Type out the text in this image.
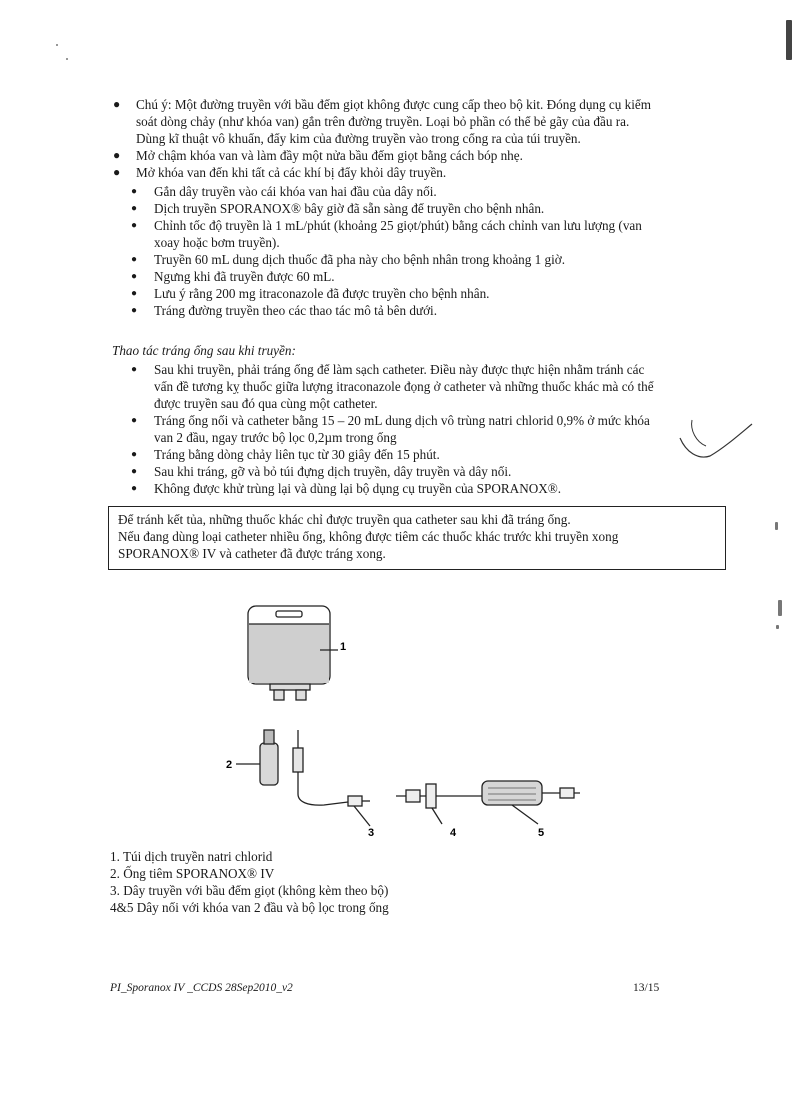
● Chú ý: Một đường truyền với bầu đếm giọt không được cung cấp theo bộ kit. Đóng dụng cụ kiểm
soát dòng chảy (như khóa van) gắn trên đường truyền. Loại bỏ phần có thể bẻ gãy của đầu ra.
Dùng kĩ thuật vô khuẩn, đẩy kim của đường truyền vào trong cổng ra của túi truyền.
● Mở chậm khóa van và làm đầy một nửa bầu đếm giọt bằng cách bóp nhẹ.
● Mở khóa van đến khi tất cả các khí bị đẩy khỏi dây truyền.
● Gắn dây truyền vào cái khóa van hai đầu của dây nối.
● Dịch truyền SPORANOX® bây giờ đã sẵn sàng để truyền cho bệnh nhân.
● Chỉnh tốc độ truyền là 1 mL/phút (khoảng 25 giọt/phút) bằng cách chỉnh van lưu lượng (van
xoay hoặc bơm truyền).
● Truyền 60 mL dung dịch thuốc đã pha này cho bệnh nhân trong khoảng 1 giờ.
● Ngưng khi đã truyền được 60 mL.
● Lưu ý rằng 200 mg itraconazole đã được truyền cho bệnh nhân.
● Tráng đường truyền theo các thao tác mô tả bên dưới.
Thao tác tráng ống sau khi truyền:
● Sau khi truyền, phải tráng ống để làm sạch catheter. Điều này được thực hiện nhằm tránh các
vấn đề tương kỵ thuốc giữa lượng itraconazole đọng ở catheter và những thuốc khác mà có thể
được truyền sau đó qua cùng một catheter.
● Tráng ống nối và catheter bằng 15 – 20 mL dung dịch vô trùng natri chlorid 0,9% ở mức khóa
van 2 đầu, ngay trước bộ lọc 0,2µm trong ống
● Tráng bằng dòng chảy liên tục từ 30 giây đến 15 phút.
● Sau khi tráng, gỡ và bỏ túi đựng dịch truyền, dây truyền và dây nối.
● Không được khử trùng lại và dùng lại bộ dụng cụ truyền của SPORANOX®.
Để tránh kết tủa, những thuốc khác chỉ được truyền qua catheter sau khi đã tráng ống.
Nếu đang dùng loại catheter nhiều ống, không được tiêm các thuốc khác trước khi truyền xong
SPORANOX® IV và catheter đã được tráng xong.
1
2
3	4	5
1. Túi dịch truyền natri chlorid
2. Ống tiêm SPORANOX® IV
3. Dây truyền với bầu đếm giọt (không kèm theo bộ)
4&5 Dây nối với khóa van 2 đầu và bộ lọc trong ống
PI_Sporanox IV _CCDS 28Sep2010_v2	13/15
